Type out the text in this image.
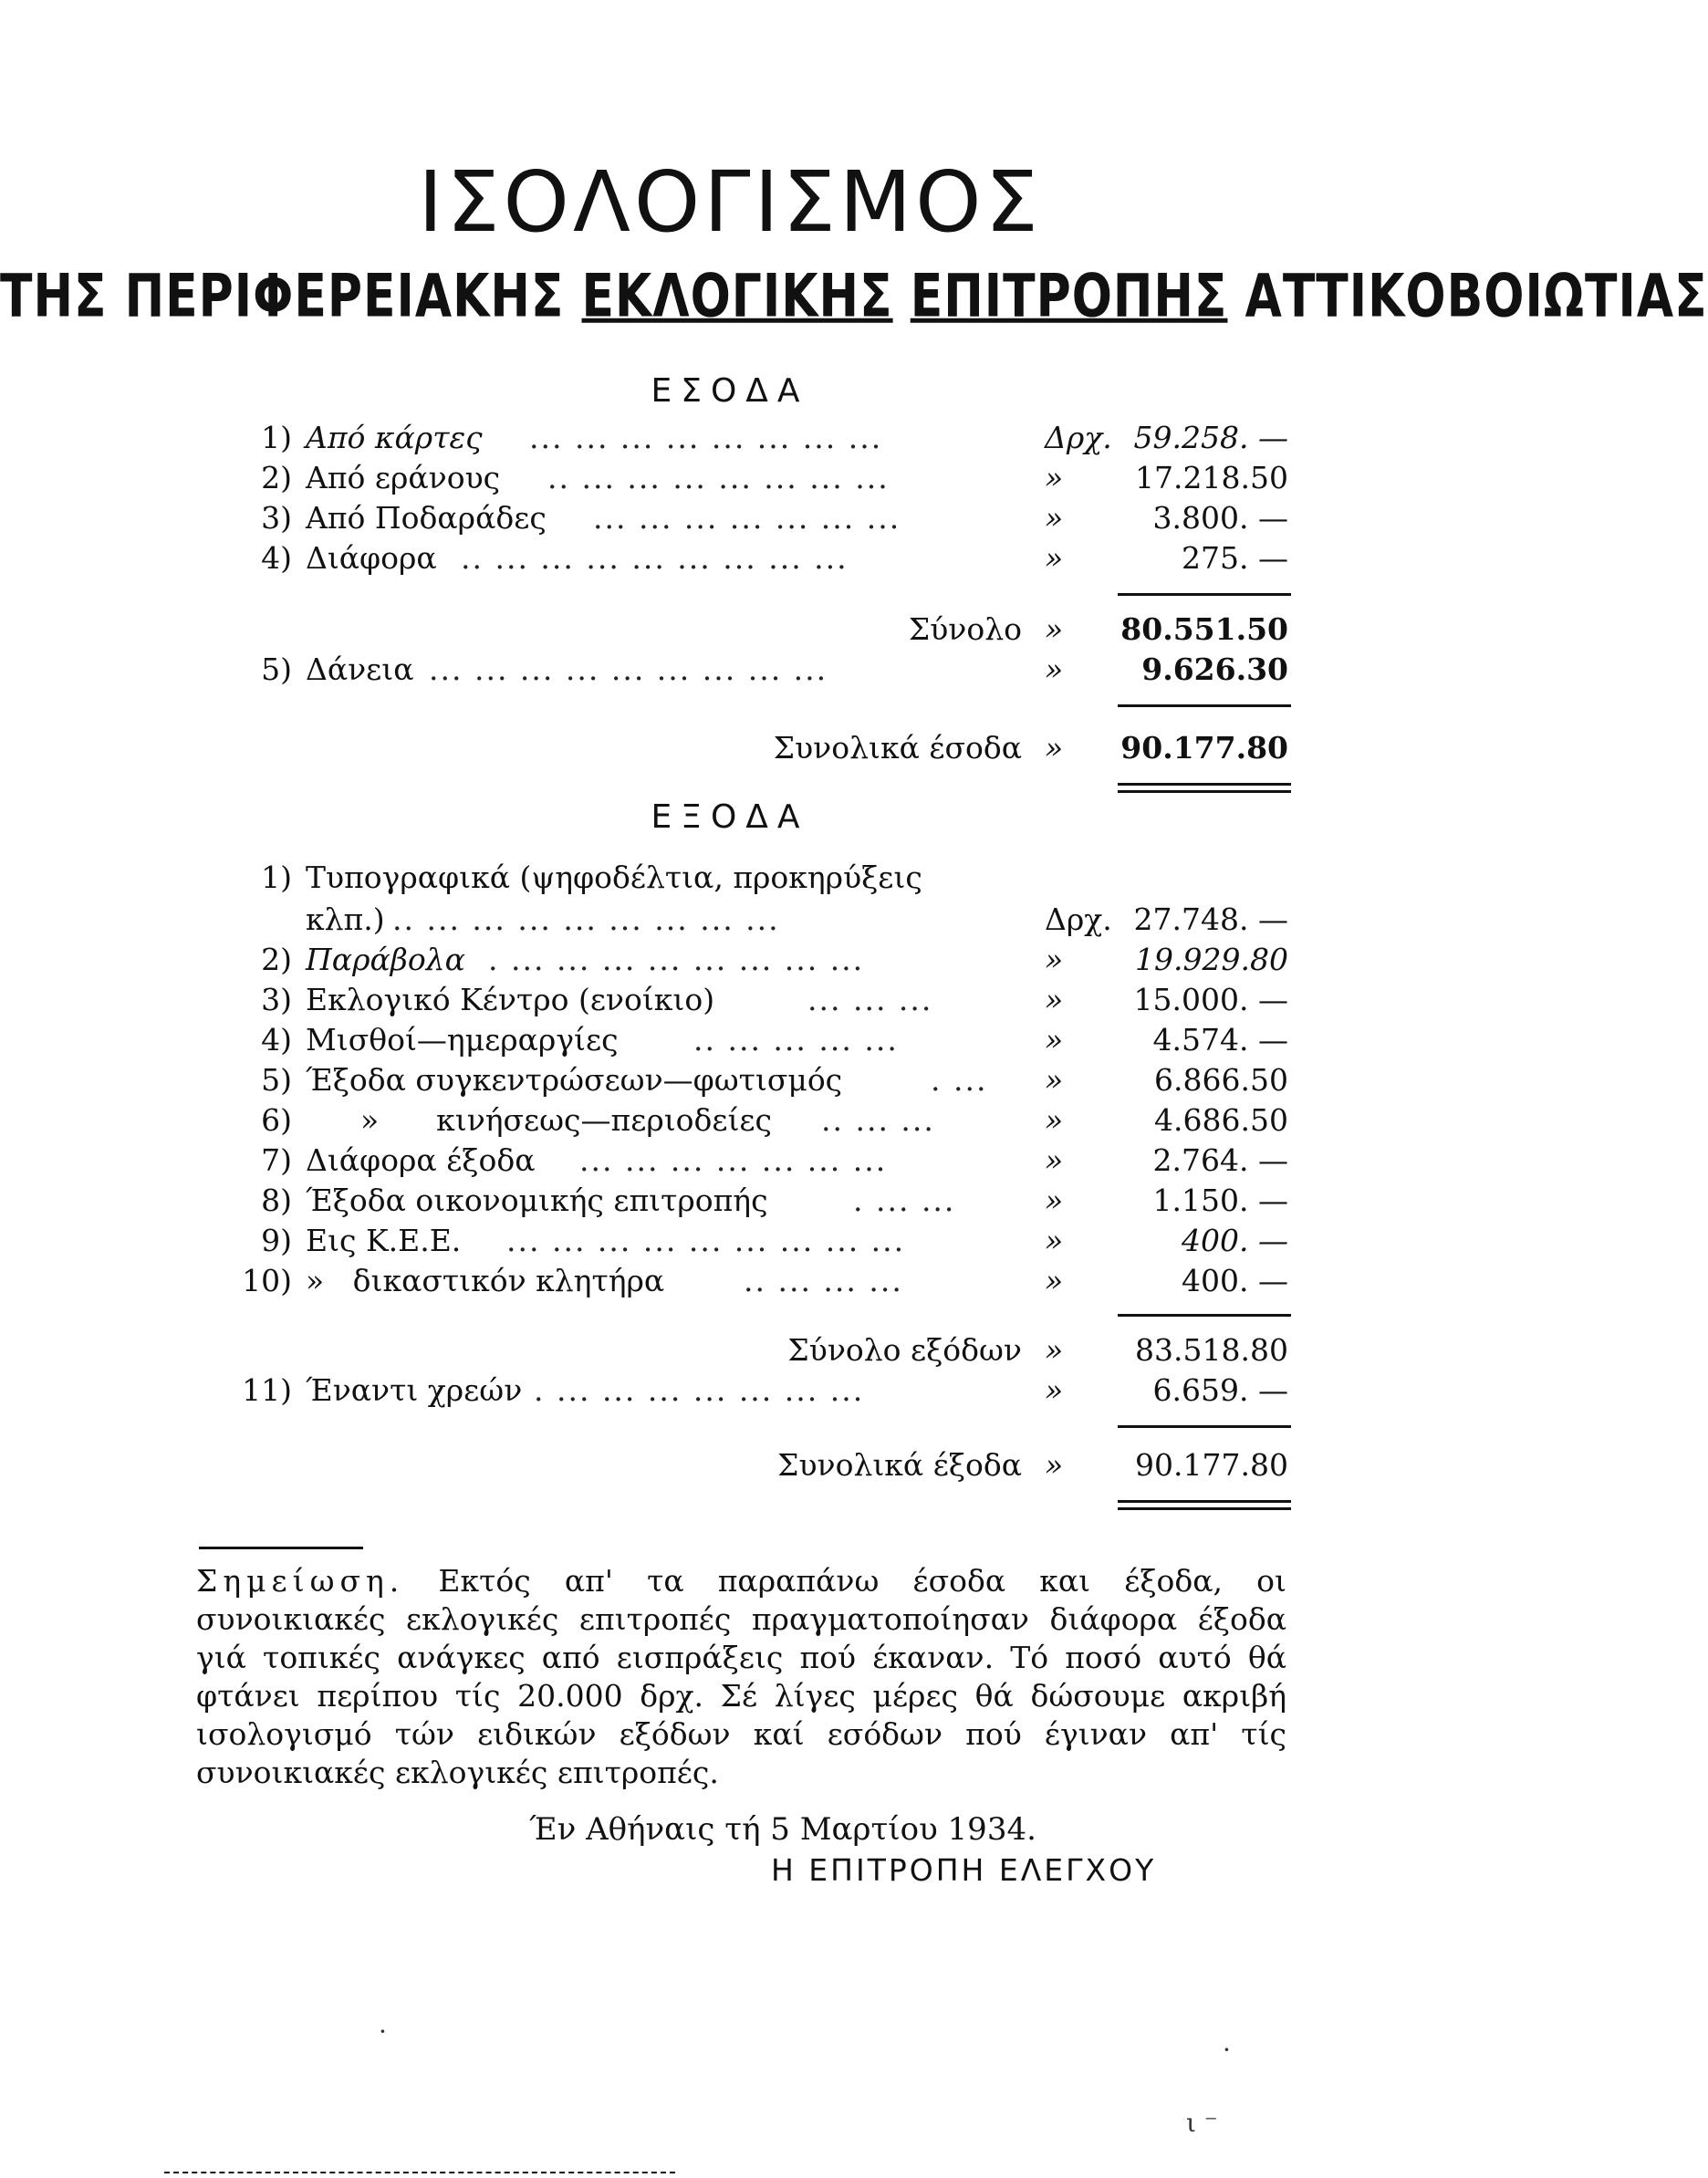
ΙΣΟΛΟΓΙΣΜΟΣ
ΤΗΣ ΠΕΡΙΦΕΡΕΙΑΚΗΣ ΕΚΛΟΓΙΚΗΣ ΕΠΙΤΡΟΠΗΣ ΑΤΤΙΚΟΒΟΙΩΤΙΑΣ
ΕΣΟΔΑ
1) Από κάρτες ... ... ... ... ... ... ... ...	Δρχ. 59.258. —
2) Από εράνους .. ... ... ... ... ... ... ...	» 17.218.50
3) Από Ποδαράδες ... ... ... ... ... ... ...	»	3.800. —
4) Διάφορα .. ... ... ... ... ... ... ... ...	»	275. —
Σύνολο » 80.551.50
5) Δάνεια ... ... ... ... ... ... ... ... ...	»	9.626.30
Συνολικά έσοδα » 90.177.80
ΕΞΟΔΑ
1) Τυπογραφικά (ψηφοδέλτια, προκηρύξεις
κλπ.) .. ... ... ... ... ... ... ... ...	Δρχ. 27.748. —
2) Παράβολα . ... ... ... ... ... ... ... ...	» 19.929.80
3) Εκλογικό Κέντρο (ενοίκιο)	... ... ...	» 15.000. —
4) Μισθοί—ημεραργίες .. ... ... ... ...	»	4.574. —
5) Έξοδα συγκεντρώσεων—φωτισμός	. ... »	6.866.50
6) »      κινήσεως—περιοδείες .. ... ...	»	4.686.50
7) Διάφορα έξοδα ... ... ... ... ... ... ...	»	2.764. —
8) Έξοδα οικονομικής επιτροπής	. ... ...	»	1.150. —
9) Εις Κ.Ε.Ε. ... ... ... ... ... ... ... ... ...	»	400. —
10) »   δικαστικόν κλητήρα	.. ... ... ...	»	400. —
Σύνολο εξόδων » 83.518.80
11) Έναντι χρεών . ... ... ... ... ... ... ...	»	6.659. —
Συνολικά έξοδα » 90.177.80
Σημείωση. Εκτός απ' τα παραπάνω έσοδα και έξοδα, οι συνοικιακές εκλογικές επιτροπές πραγματοποίησαν διάφορα έξοδα γιά τοπικές ανάγκες από εισπράξεις πού έκαναν. Τό ποσό αυτό θά φτάνει περίπου τίς 20.000 δρχ. Σέ λίγες μέρες θά δώσουμε ακριβή ισολογισμό τών ειδικών εξόδων καί εσόδων πού έγιναν απ' τίς συνοικιακές εκλογικές επιτροπές.
Έν Αθήναις τή 5 Μαρτίου 1934.
Η ΕΠΙΤΡΟΠΗ ΕΛΕΓΧΟΥ
·
·
ι ⁻
